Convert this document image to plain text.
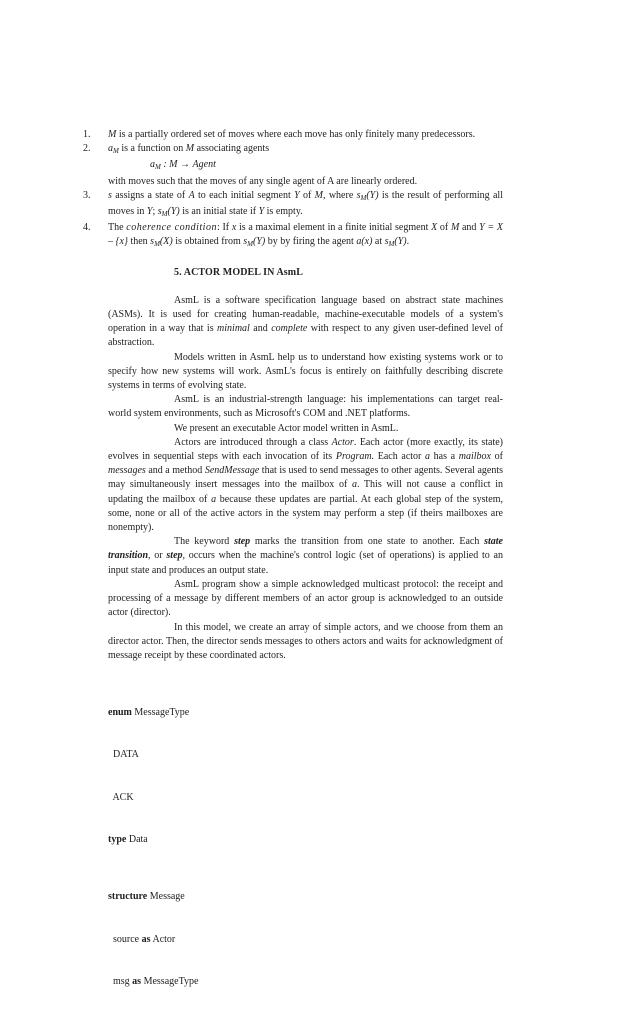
1.	M is a partially ordered set of moves where each move has only finitely many predecessors.
2.	$a_M$ is a function on M associating agents
$a_M$ : M → Agent
with moves such that the moves of any single agent of A are linearly ordered.
3.	s assigns a state of A to each initial segment Y of M, where $s_M(Y)$ is the result of performing all moves in Y; $s_M(Y)$ is an initial state if Y is empty.
4.	The coherence condition: If x is a maximal element in a finite initial segment X of M and Y = X – {x} then $s_M(X)$ is obtained from $s_M(Y)$ by by firing the agent a(x) at $s_M(Y)$.
5. ACTOR MODEL IN AsmL
AsmL is a software specification language based on abstract state machines (ASMs). It is used for creating human-readable, machine-executable models of a system's operation in a way that is minimal and complete with respect to any given user-defined level of abstraction.
Models written in AsmL help us to understand how existing systems work or to specify how new systems will work. AsmL's focus is entirely on faithfully describing discrete systems in terms of evolving state.
AsmL is an industrial-strength language: his implementations can target real-world system environments, such as Microsoft's COM and .NET platforms.
We present an executable Actor model written in AsmL.
Actors are introduced through a class Actor. Each actor (more exactly, its state) evolves in sequential steps with each invocation of its Program. Each actor a has a mailbox of messages and a method SendMessage that is used to send messages to other agents. Several agents may simultaneously insert messages into the mailbox of a. This will not cause a conflict in updating the mailbox of a because these updates are partial. At each global step of the system, some, none or all of the active actors in the system may perform a step (if theirs mailboxes are nonempty).
The keyword step marks the transition from one state to another. Each state transition, or step, occurs when the machine's control logic (set of operations) is applied to an input state and produces an output state.
AsmL program show a simple acknowledged multicast protocol: the receipt and processing of a message by different members of an actor group is acknowledged to an outside actor (director).
In this model, we create an array of simple actors, and we choose from them an director actor. Then, the director sends messages to others actors and waits for acknowledgment of message receipt by these coordinated actors.

enum MessageType

DATA

ACK

type Data

structure Message

source as Actor

msg as MessageType
